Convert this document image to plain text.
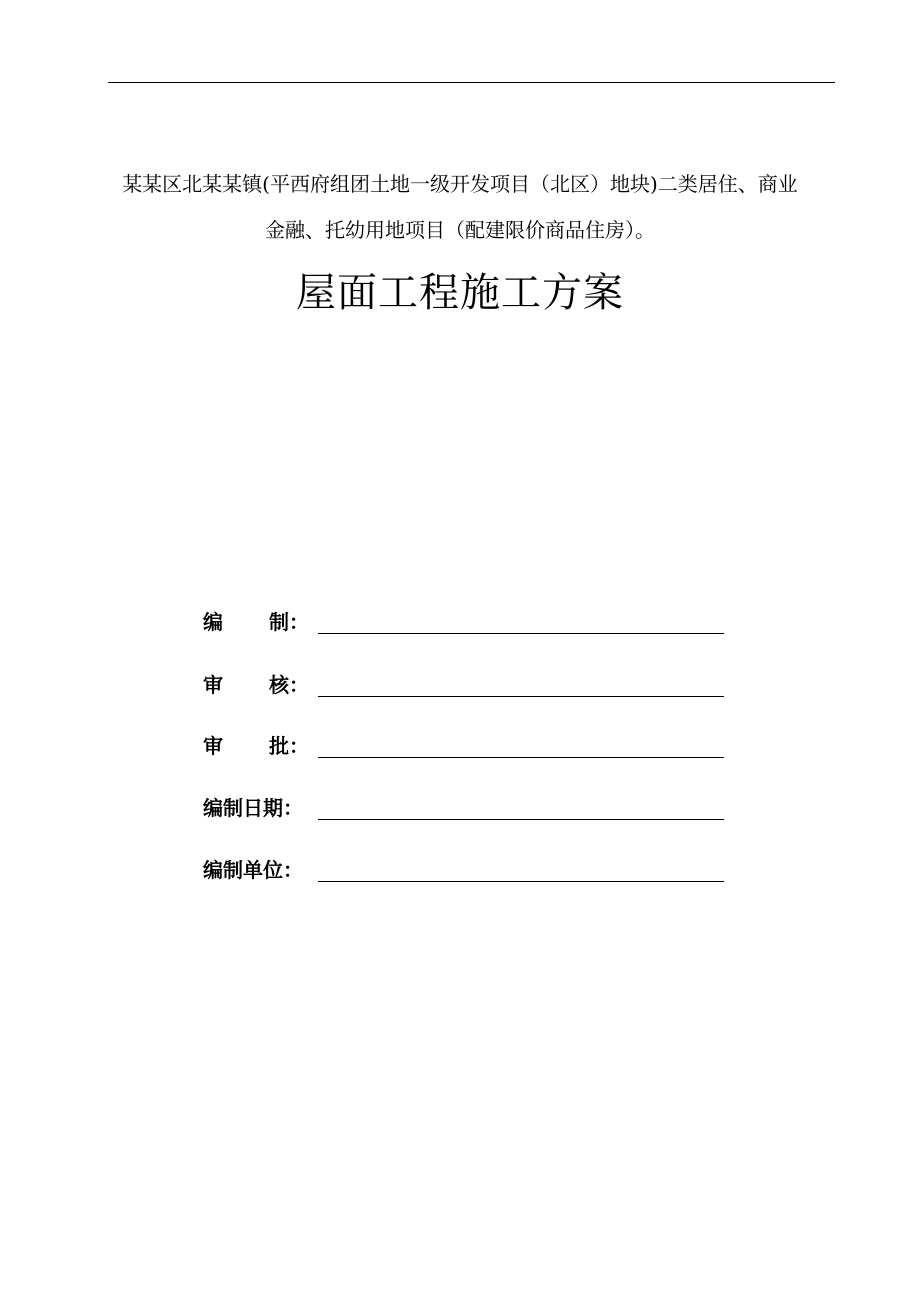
某某区北某某镇(平西府组团土地一级开发项目（北区）地块)二类居住、商业
金融、托幼用地项目（配建限价商品住房）。
屋面工程施工方案
编制：
审核：
审批：
编制日期：
编制单位：
